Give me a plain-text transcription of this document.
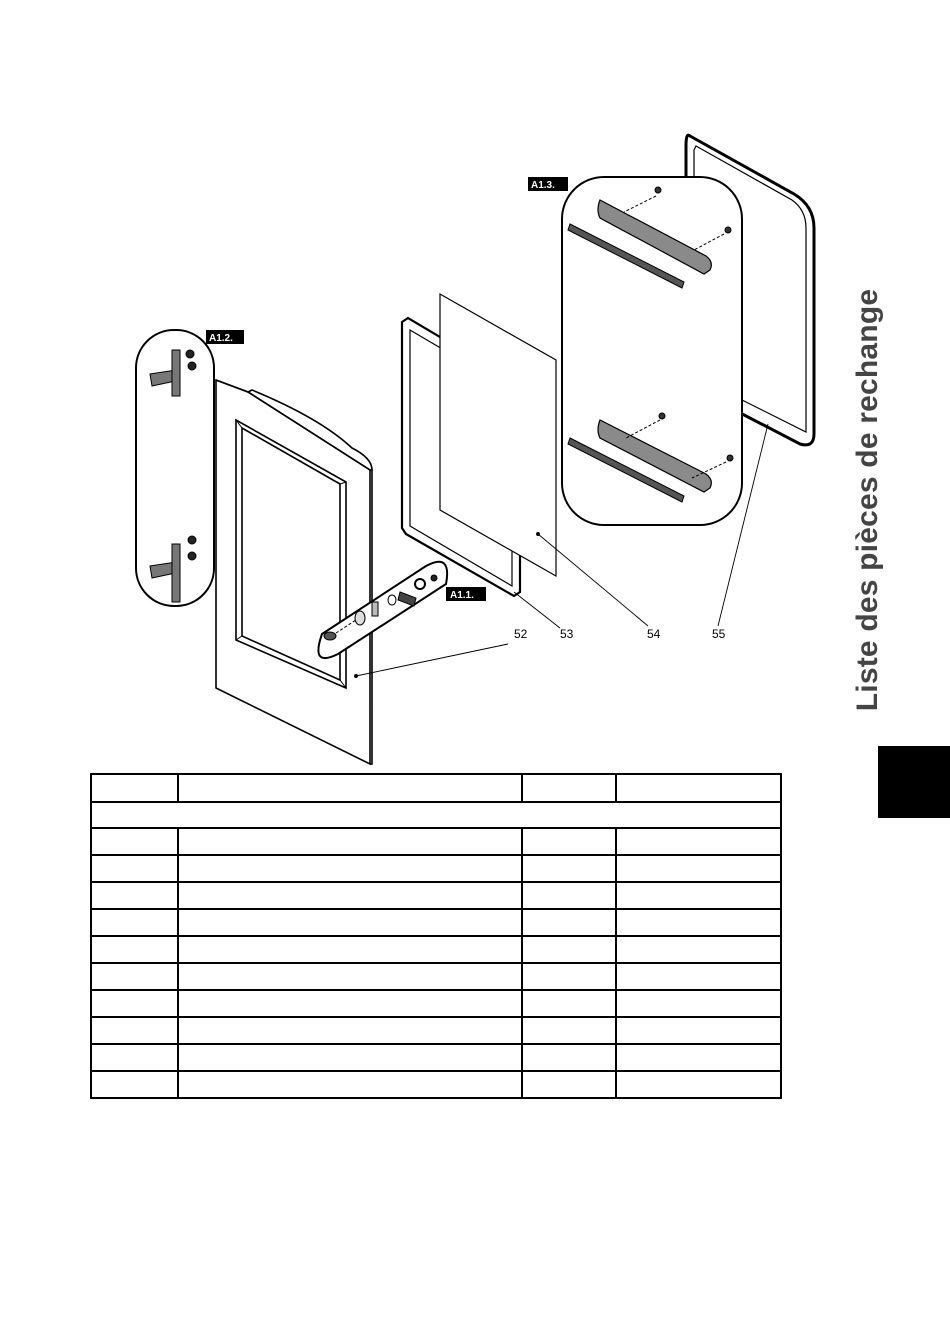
A1.3.
A1.2.
A1.1.
52	53	54	55	Liste des pièces de rechange
